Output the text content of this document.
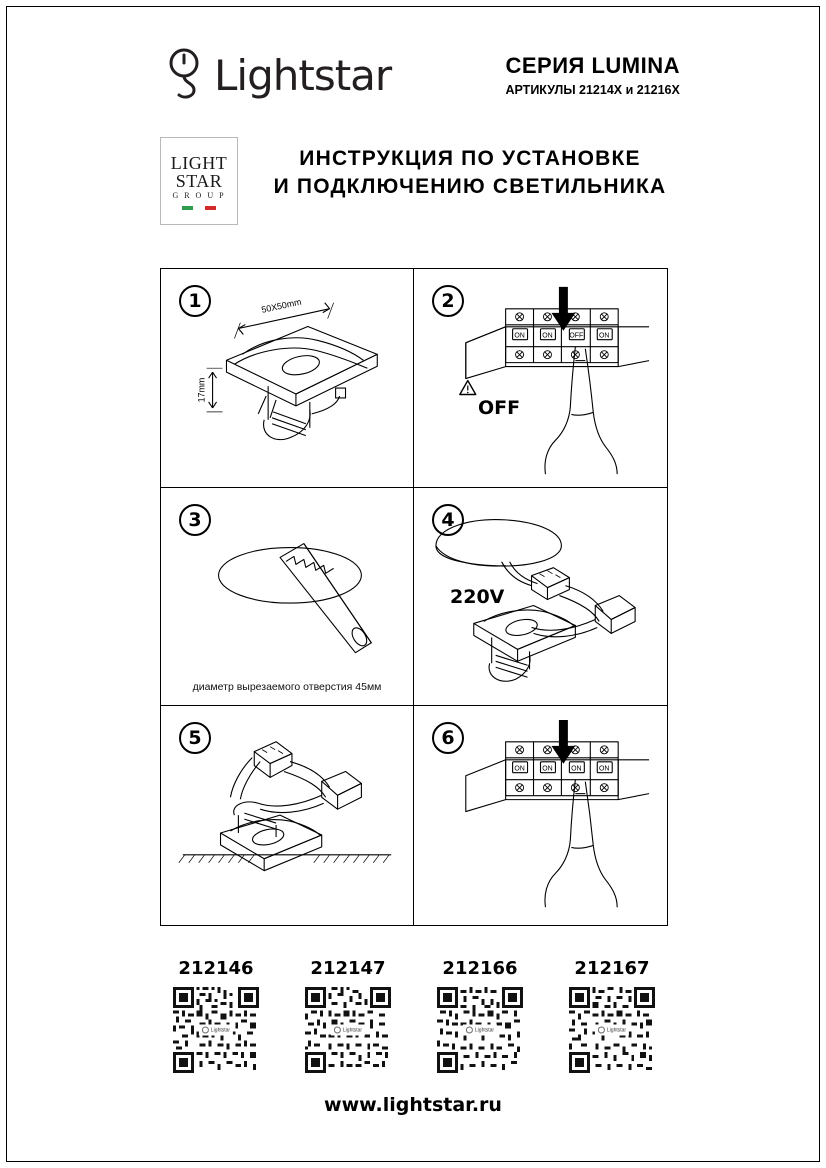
Lightstar	СЕРИЯ LUMINA
АРТИКУЛЫ 21214X и 21216X
LIGHT
STAR
G R O U P
ИНСТРУКЦИЯ ПО УСТАНОВКЕ
И ПОДКЛЮЧЕНИЮ СВЕТИЛЬНИКА
1	50X50mm
17mm
2
ON ON OFF ON
OFF
3
диаметр вырезаемого отверстия 45мм
4
220V
5	6
ON ON	ON ON
212146
Lightstar
212147
Lightstar
212166
Lightstar
212167
Lightstar
www.lightstar.ru
